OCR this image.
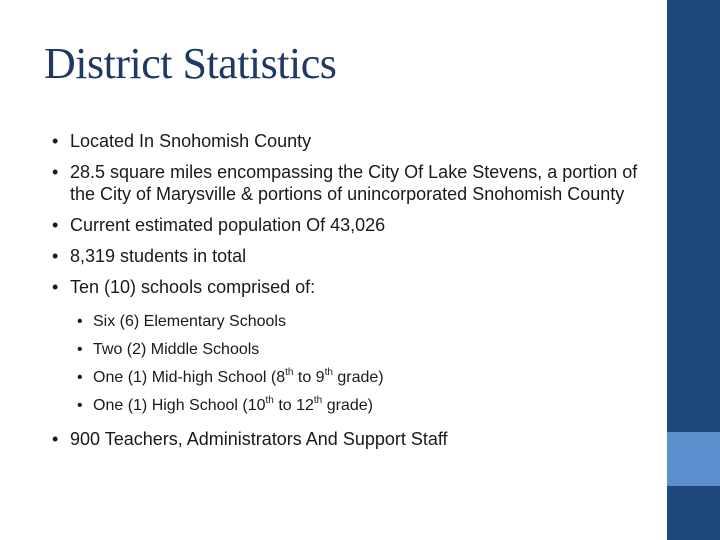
District Statistics
• Located In Snohomish County
• 28.5 square miles encompassing the City Of Lake Stevens, a portion of the City of Marysville & portions of unincorporated Snohomish County
• Current estimated population Of 43,026
• 8,319 students in total
• Ten (10) schools comprised of:
• Six (6) Elementary Schools
• Two (2) Middle Schools
• One (1) Mid-high School (8th to 9th grade)
• One (1) High School (10th to 12th grade)
• 900 Teachers, Administrators And Support Staff
